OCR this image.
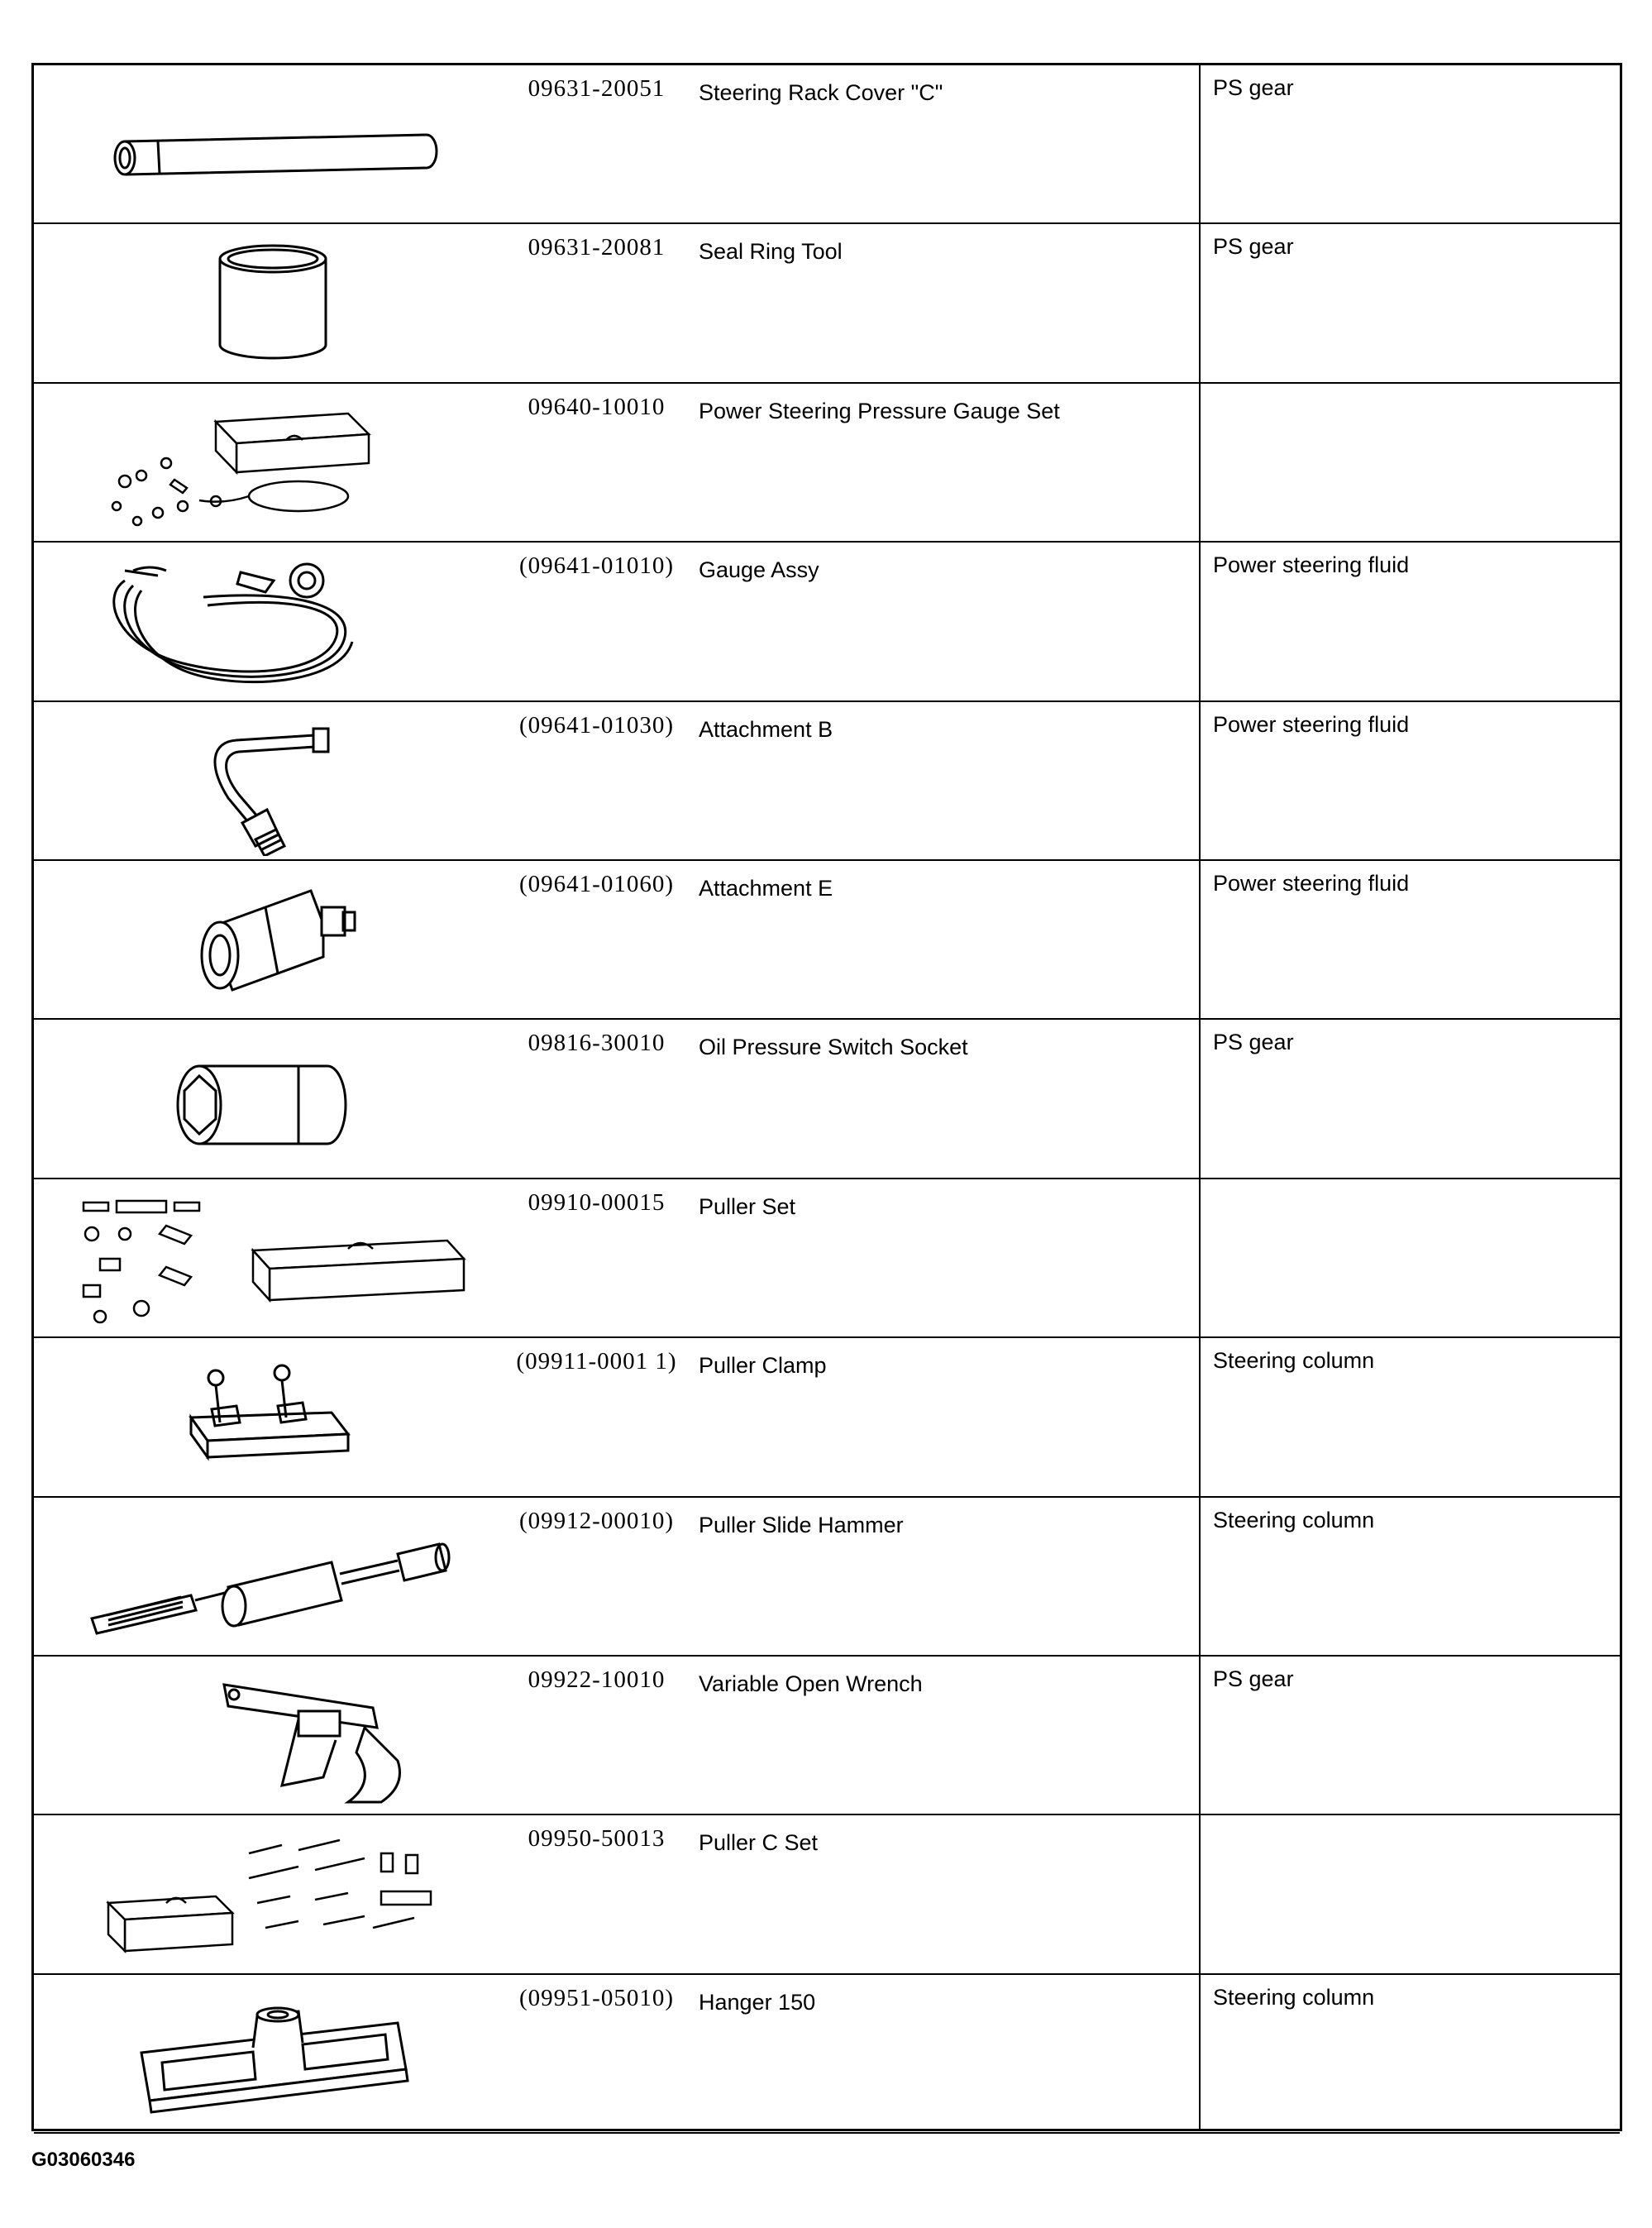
09631-20051	Steering Rack Cover "C"	PS gear
09631-20081	Seal Ring Tool	PS gear
09640-10010	Power Steering Pressure Gauge Set
(09641-01010)	Gauge Assy	Power steering fluid
(09641-01030)	Attachment B	Power steering fluid
(09641-01060)	Attachment E	Power steering fluid
09816-30010	Oil Pressure Switch Socket	PS gear
09910-00015	Puller Set
(09911-0001 1) Puller Clamp	Steering column
(09912-00010)	Puller Slide Hammer	Steering column
09922-10010	Variable Open Wrench	PS gear
09950-50013	Puller C Set
(09951-05010)	Hanger 150	Steering column
G03060346
